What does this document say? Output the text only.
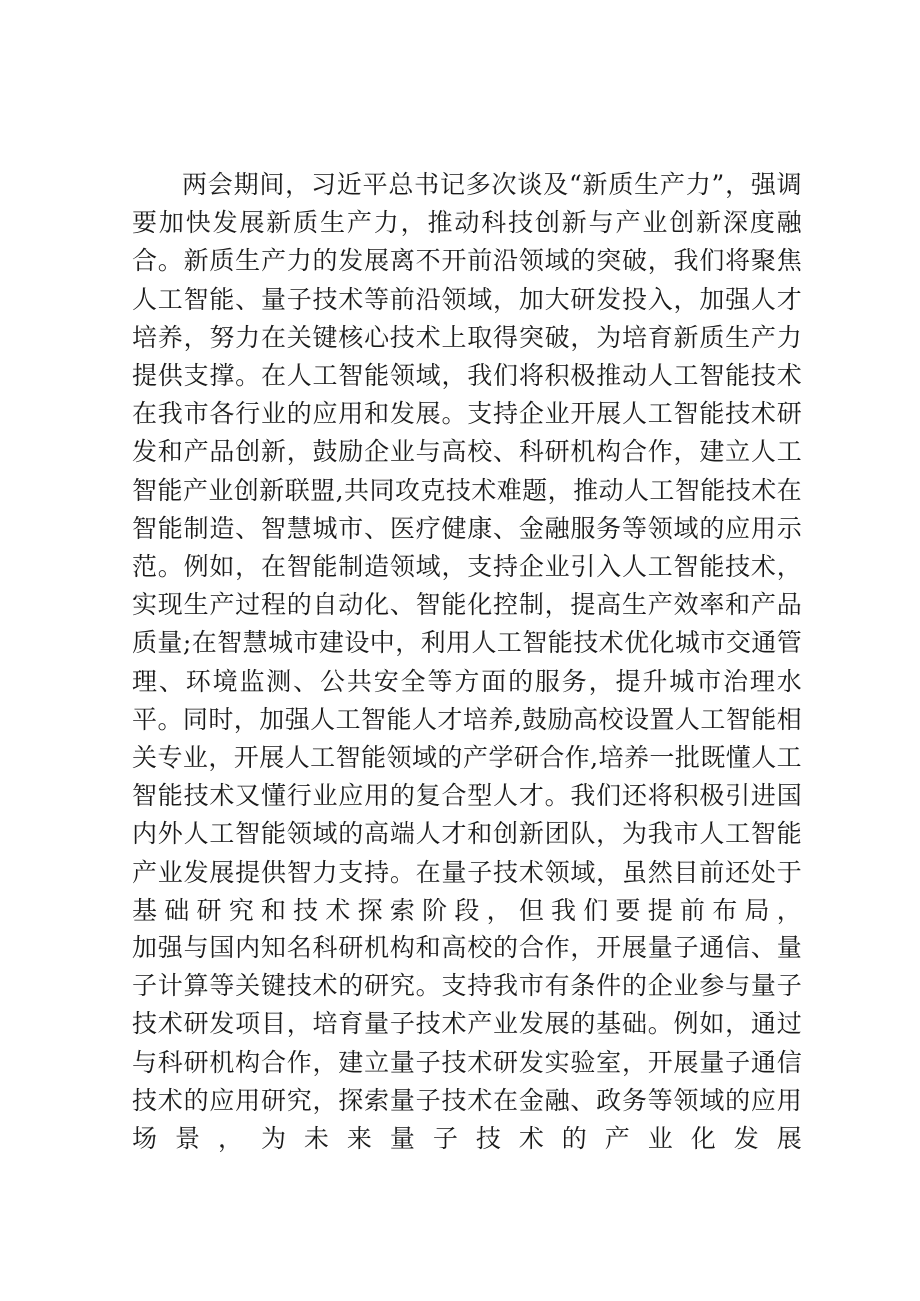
两会期间，习近平总书记多次谈及“新质生产力”，强调要加快发展新质生产力，推动科技创新与产业创新深度融合。新质生产力的发展离不开前沿领域的突破，我们将聚焦人工智能、量子技术等前沿领域，加大研发投入，加强人才培养，努力在关键核心技术上取得突破，为培育新质生产力提供支撑。在人工智能领域，我们将积极推动人工智能技术在我市各行业的应用和发展。支持企业开展人工智能技术研发和产品创新，鼓励企业与高校、科研机构合作，建立人工智能产业创新联盟,共同攻克技术难题，推动人工智能技术在智能制造、智慧城市、医疗健康、金融服务等领域的应用示范。例如，在智能制造领域，支持企业引入人工智能技术，实现生产过程的自动化、智能化控制，提高生产效率和产品质量;在智慧城市建设中，利用人工智能技术优化城市交通管理、环境监测、公共安全等方面的服务，提升城市治理水平。同时，加强人工智能人才培养,鼓励高校设置人工智能相关专业，开展人工智能领域的产学研合作,培养一批既懂人工智能技术又懂行业应用的复合型人才。我们还将积极引进国内外人工智能领域的高端人才和创新团队，为我市人工智能产业发展提供智力支持。在量子技术领域，虽然目前还处于基础研究和技术探索阶段，但我们要提前布局，

加强与国内知名科研机构和高校的合作，开展量子通信、量子计算等关键技术的研究。支持我市有条件的企业参与量子技术研发项目，培育量子技术产业发展的基础。例如，通过与科研机构合作，建立量子技术研发实验室，开展量子通信技术的应用研究，探索量子技术在金融、政务等领域的应用场景，为未来量子技术的产业化发展
